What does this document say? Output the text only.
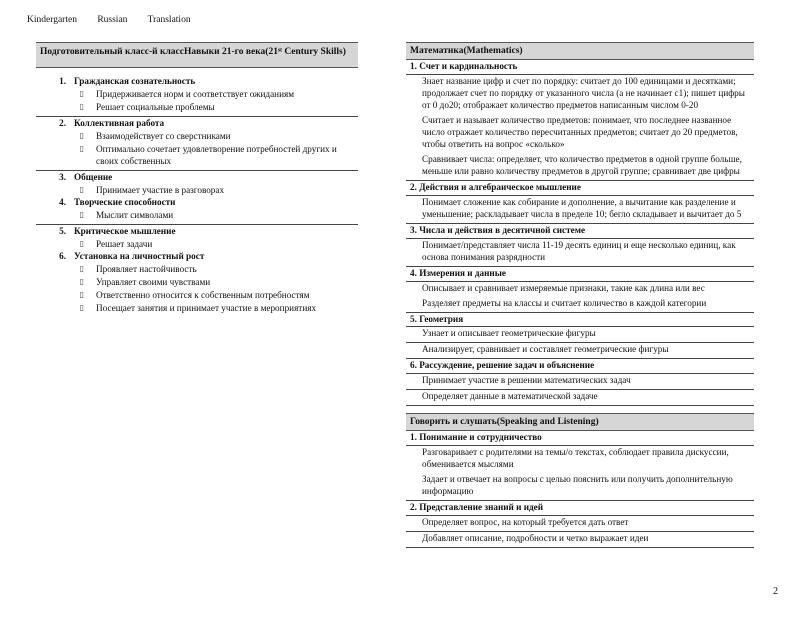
Kindergarten Russian Translation
Подготовительный класс-й классНавыки 21-го века(21ˢᵗ Century Skills)
1. Гражданская сознательность
▯	Придерживается норм и соответствует ожиданиям
▯	Решает социальные проблемы
2. Коллективная работа
▯	Взаимодействует со сверстниками
▯	Оптимально сочетает удовлетворение потребностей других и своих собственных
3. Общение
▯	Принимает участие в разговорах
4. Творческие способности
▯	Мыслит символами
5. Критическое мышление
▯	Решает задачи
6. Установка на личностный рост
▯	Проявляет настойчивость
▯	Управляет своими чувствами
▯	Ответственно относится к собственным потребностям
▯	Посещает занятия и принимает участие в мероприятиях
Математика(Mathematics)
1. Счет и кардинальность
Знает название цифр и счет по порядку: считает до 100 единицами и десятками; продолжает счет по порядку от указанного числа (а не начинает с1); пишет цифры от 0 до20; отображает количество предметов написанным числом 0-20
Считает и называет количество предметов: понимает, что последнее названное число отражает количество пересчитанных предметов; считает до 20 предметов, чтобы ответить на вопрос «сколько»
Сравнивает числа: определяет, что количество предметов в одной группе больше, меньше или равно количеству предметов в другой группе; сравнивает две цифры
2. Действия и алгебраическое мышление
Понимает сложение как собирание и дополнение, а вычитание как разделение и уменьшение; раскладывает числа в пределе 10; бегло складывает и вычитает до 5
3. Числа и действия в десятичной системе
Понимает/представляет числа 11-19 десять единиц и еще несколько единиц, как основа понимания разрядности
4. Измерения и данные
Описывает и сравнивает измеряемые признаки, такие как длина или вес
Разделяет предметы на классы и считает количество в каждой категории
5. Геометрия
Узнает и описывает геометрические фигуры
Анализирует, сравнивает и составляет геометрические фигуры
6. Рассуждение, решение задач и объяснение
Принимает участие в решении математических задач
Определяет данные в математической задаче
Говорить и слушать(Speaking and Listening)
1. Понимание и сотрудничество
Разговаривает с родителями на темы/о текстах, соблюдает правила дискуссии, обменивается мыслями
Задает и отвечает на вопросы с целью пояснить или получить дополнительную информацию
2. Представление знаний и идей
Определяет вопрос, на который требуется дать ответ
Добавляет описание, подробности и четко выражает идеи
2
